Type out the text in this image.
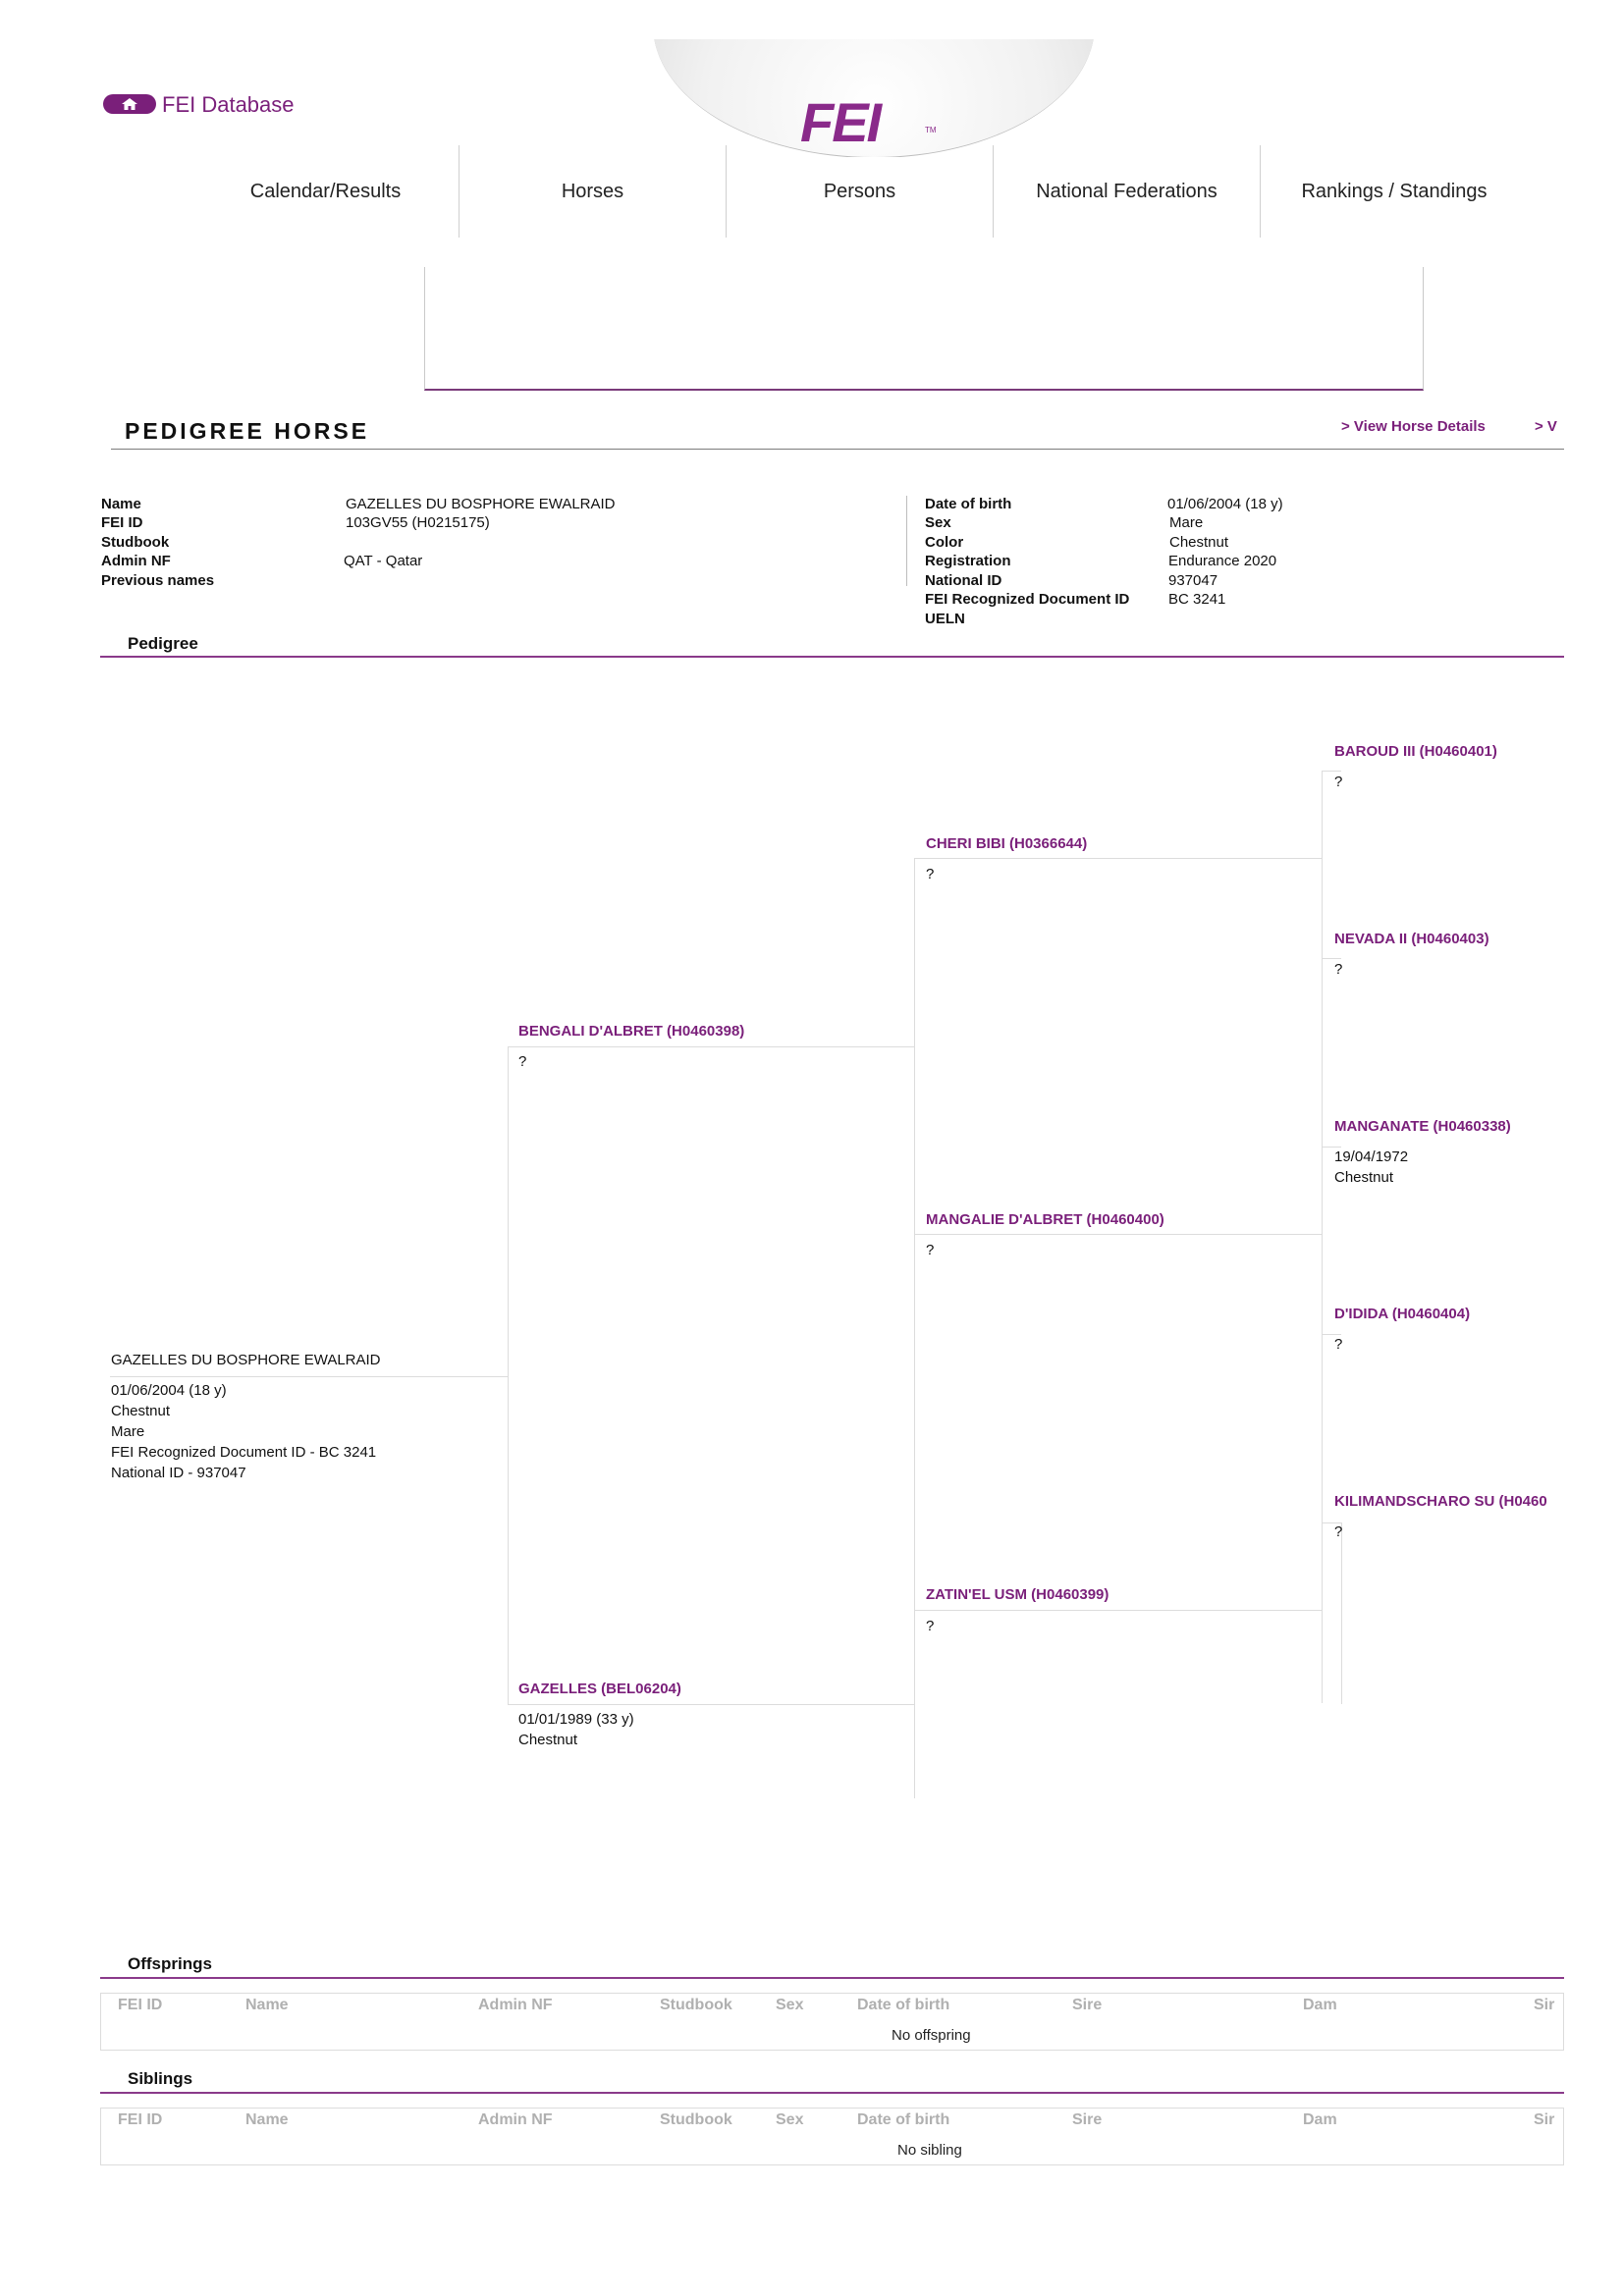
FEI Database	FEI	TM
Calendar/Results	Horses	Persons	National Federations	Rankings / Standings
PEDIGREE HORSE	> View Horse Details	> V
Name	GAZELLES DU BOSPHORE EWALRAID
FEI ID	103GV55 (H0215175)
Studbook
Admin NF	QAT - Qatar
Previous names
Date of birth	01/06/2004 (18 y)
Sex	Mare
Color	Chestnut
Registration	Endurance 2020
National ID	937047
FEI Recognized Document ID	BC 3241
UELN
Pedigree
GAZELLES DU BOSPHORE EWALRAID
01/06/2004 (18 y)
Chestnut
Mare
FEI Recognized Document ID - BC 3241
National ID - 937047
BENGALI D'ALBRET (H0460398)
?
GAZELLES (BEL06204)
01/01/1989 (33 y)
Chestnut
CHERI BIBI (H0366644)
?
MANGALIE D'ALBRET (H0460400)
?
ZATIN'EL USM (H0460399)
?
BAROUD III (H0460401)
?
NEVADA II (H0460403)
?
MANGANATE (H0460338)
19/04/1972
Chestnut
D'IDIDA (H0460404)
?
KILIMANDSCHARO SU (H0460
?
Offsprings
FEI ID	Name	Admin NF	Studbook	Sex	Date of birth	Sire	Dam	Sir
No offspring
Siblings
FEI ID	Name	Admin NF	Studbook	Sex	Date of birth	Sire	Dam	Sir
No sibling
